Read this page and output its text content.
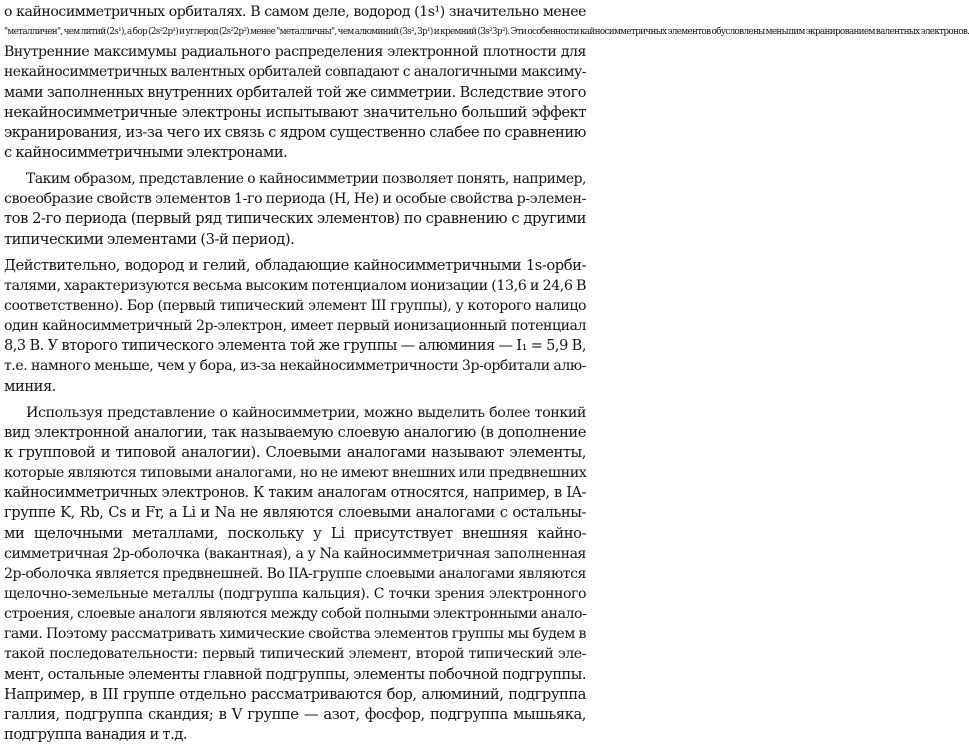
о кайносимметричных орбиталях. В самом деле, водород (1s¹) значительно менее
"металличен", чем литий (2s¹), а бор (2s²2p¹) и углерод (2s²2p²) менее "металличны", чем алюминий (3s², 3p¹) и кремний (3s²3p²). Эти особенности кайносимметричных элементов обусловлены меньшим экранированием валентных электронов.
Внутренние максимумы радиального распределения электронной плотности для
некайносимметричных валентных орбиталей совпадают с аналогичными максиму-
мами заполненных внутренних орбиталей той же симметрии. Вследствие этого
некайносимметричные электроны испытывают значительно больший эффект
экранирования, из-за чего их связь с ядром существенно слабее по сравнению
с кайносимметричными электронами.
Таким образом, представление о кайносимметрии позволяет понять, например,
своеобразие свойств элементов 1-го периода (H, He) и особые свойства p-элемен-
тов 2-го периода (первый ряд типических элементов) по сравнению с другими
типическими элементами (3-й период).
Действительно, водород и гелий, обладающие кайносимметричными 1s-орби-
талями, характеризуются весьма высоким потенциалом ионизации (13,6 и 24,6 В
соответственно). Бор (первый типический элемент III группы), у которого налицо
один кайносимметричный 2p-электрон, имеет первый ионизационный потенциал
8,3 В. У второго типического элемента той же группы — алюминия — I₁ = 5,9 В,
т.е. намного меньше, чем у бора, из-за некайносимметричности 3p-орбитали алю-
миния.
Используя представление о кайносимметрии, можно выделить более тонкий
вид электронной аналогии, так называемую слоевую аналогию (в дополнение
к групповой и типовой аналогии). Слоевыми аналогами называют элементы,
которые являются типовыми аналогами, но не имеют внешних или предвнешних
кайносимметричных электронов. К таким аналогам относятся, например, в IA-
группе K, Rb, Cs и Fr, а Li и Na не являются слоевыми аналогами с остальны-
ми щелочными металлами, поскольку у Li присутствует внешняя кайно-
симметричная 2p-оболочка (вакантная), а у Na кайносимметричная заполненная
2p-оболочка является предвнешней. Во IIA-группе слоевыми аналогами являются
щелочно-земельные металлы (подгруппа кальция). С точки зрения электронного
строения, слоевые аналоги являются между собой полными электронными анало-
гами. Поэтому рассматривать химические свойства элементов группы мы будем в
такой последовательности: первый типический элемент, второй типический эле-
мент, остальные элементы главной подгруппы, элементы побочной подгруппы.
Например, в III группе отдельно рассматриваются бор, алюминий, подгруппа
галлия, подгруппа скандия; в V группе — азот, фосфор, подгруппа мышьяка,
подгруппа ванадия и т.д.
